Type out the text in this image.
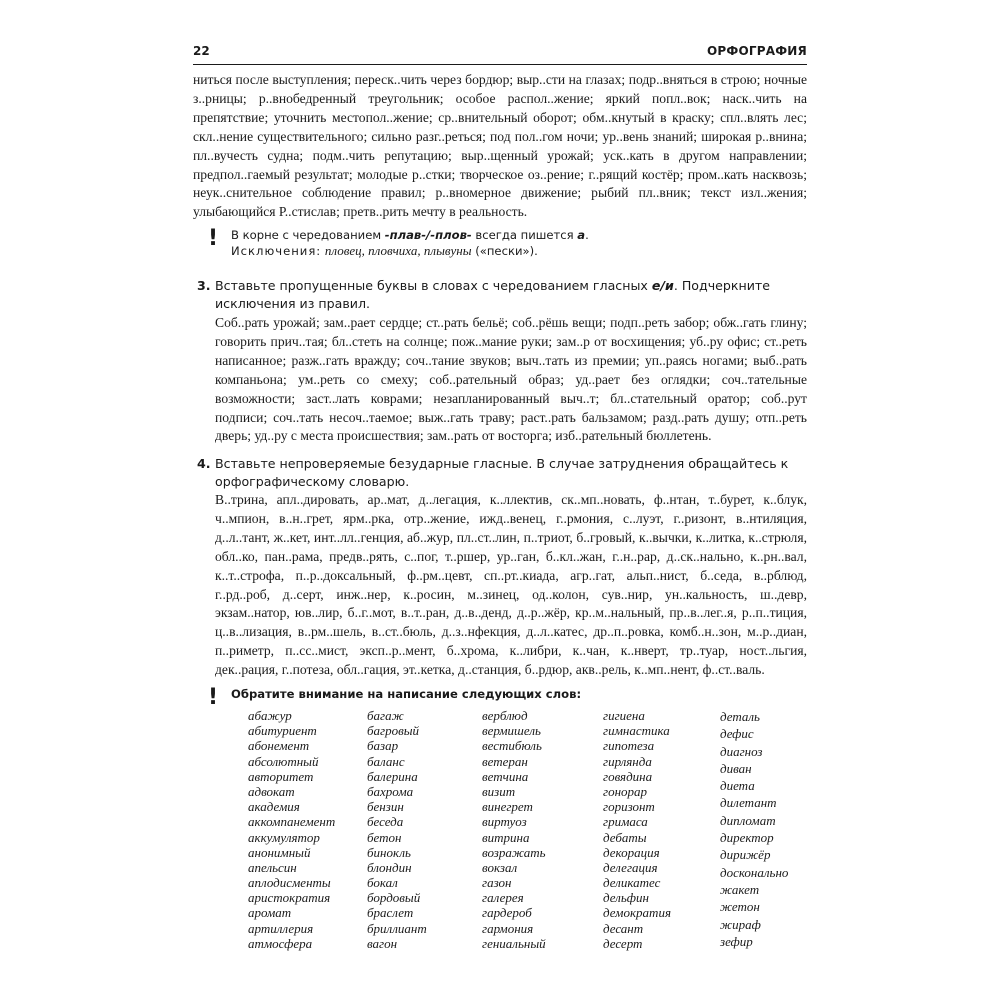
22	ОРФОГРАФИЯ

ниться после выступления; переск..чить через бордюр; выр..сти на глазах; подр..вняться в строю; ночные з..рницы; р..внобедренный треугольник; особое распол..жение; яркий попл..вок; наск..чить на препятствие; уточнить местопол..жение; ср..внительный оборот; обм..кнутый в краску; спл..влять лес; скл..нение существительного; сильно разг..реться; под пол..гом ночи; ур..вень знаний; широкая р..внина; пл..вучесть судна; подм..чить репутацию; выр..щенный урожай; уск..кать в другом направлении; предпол..гаемый результат; молодые р..стки; творческое оз..рение; г..рящий костёр; пром..кать насквозь; неук..снительное соблюдение правил; р..вномерное движение; рыбий пл..вник; текст изл..жения; улыбающийся Р..стислав; претв..рить мечту в реальность.

! В корне с чередованием -плав-/-плов- всегда пишется а.
Исключения: пловец, пловчиха, плывуны («пески»).
3. Вставьте пропущенные буквы в словах с чередованием гласных е/и. Подчеркните исключения из правил.

Соб..рать урожай; зам..рает сердце; ст..рать бельё; соб..рёшь вещи; подп..реть забор; обж..гать глину; говорить прич..тая; бл..стеть на солнце; пож..мание руки; зам..р от восхищения; уб..ру офис; ст..реть написанное; разж..гать вражду; соч..тание звуков; выч..тать из премии; уп..раясь ногами; выб..рать компаньона; ум..реть со смеху; соб..рательный образ; уд..рает без оглядки; соч..тательные возможности; заст..лать коврами; незапланированный выч..т; бл..стательный оратор; соб..рут подписи; соч..тать несоч..таемое; выж..гать траву; раст..рать бальзамом; разд..рать душу; отп..реть дверь; уд..ру с места происшествия; зам..рать от восторга; изб..рательный бюллетень.

4. Вставьте непроверяемые безударные гласные. В случае затруднения обращайтесь к орфографическому словарю.

В..трина, апл..дировать, ар..мат, д..легация, к..ллектив, ск..мп..новать, ф..нтан, т..бурет, к..блук, ч..мпион, в..н..грет, ярм..рка, отр..жение, ижд..венец, г..рмония, с..луэт, г..ризонт, в..нтиляция, д..л..тант, ж..кет, инт..лл..генция, аб..жур, пл..ст..лин, п..триот, б..гровый, к..вычки, к..литка, к..стрюля, обл..ко, пан..рама, предв..рять, с..пог, т..ршер, ур..ган, б..кл..жан, г..н..рар, д..ск..нально, к..рн..вал, к..т..строфа, п..р..доксальный, ф..рм..цевт, сп..рт..киада, агр..гат, альп..нист, б..седа, в..рблюд, г..рд..роб, д..серт, инж..нер, к..росин, м..зинец, од..колон, сув..нир, ун..кальность, ш..девр, экзам..натор, юв..лир, б..г..мот, в..т..ран, д..в..денд, д..р..жёр, кр..м..нальный, пр..в..лег..я, р..п..тиция, ц..в..лизация, в..рм..шель, в..ст..бюль, д..з..нфекция, д..л..катес, др..п..ровка, комб..н..зон, м..р..диан, п..риметр, п..сс..мист, эксп..р..мент, б..хрома, к..либри, к..чан, к..нверт, тр..туар, ност..льгия, дек..рация, г..потеза, обл..гация, эт..кетка, д..станция, б..рдюр, акв..рель, к..мп..нент, ф..ст..валь.

! Обратите внимание на написание следующих слов:
абажур
абитуриент
абонемент
абсолютный
авторитет
адвокат
академия
аккомпанемент
аккумулятор
анонимный
апельсин
аплодисменты
аристократия
аромат
артиллерия
атмосфера
багаж
багровый
базар
баланс
балерина
бахрома
бензин
беседа
бетон
бинокль
блондин
бокал
бордовый
браслет
бриллиант
вагон
верблюд
вермишель
вестибюль
ветеран
ветчина
визит
винегрет
виртуоз
витрина
возражать
вокзал
газон
галерея
гардероб
гармония
гениальный
гигиена
гимнастика
гипотеза
гирлянда
говядина
гонорар
горизонт
гримаса
дебаты
декорация
делегация
деликатес
дельфин
демократия
десант
десерт
деталь
дефис
диагноз
диван
диета
дилетант
дипломат
директор
дирижёр
досконально
жакет
жетон
жираф
зефир
